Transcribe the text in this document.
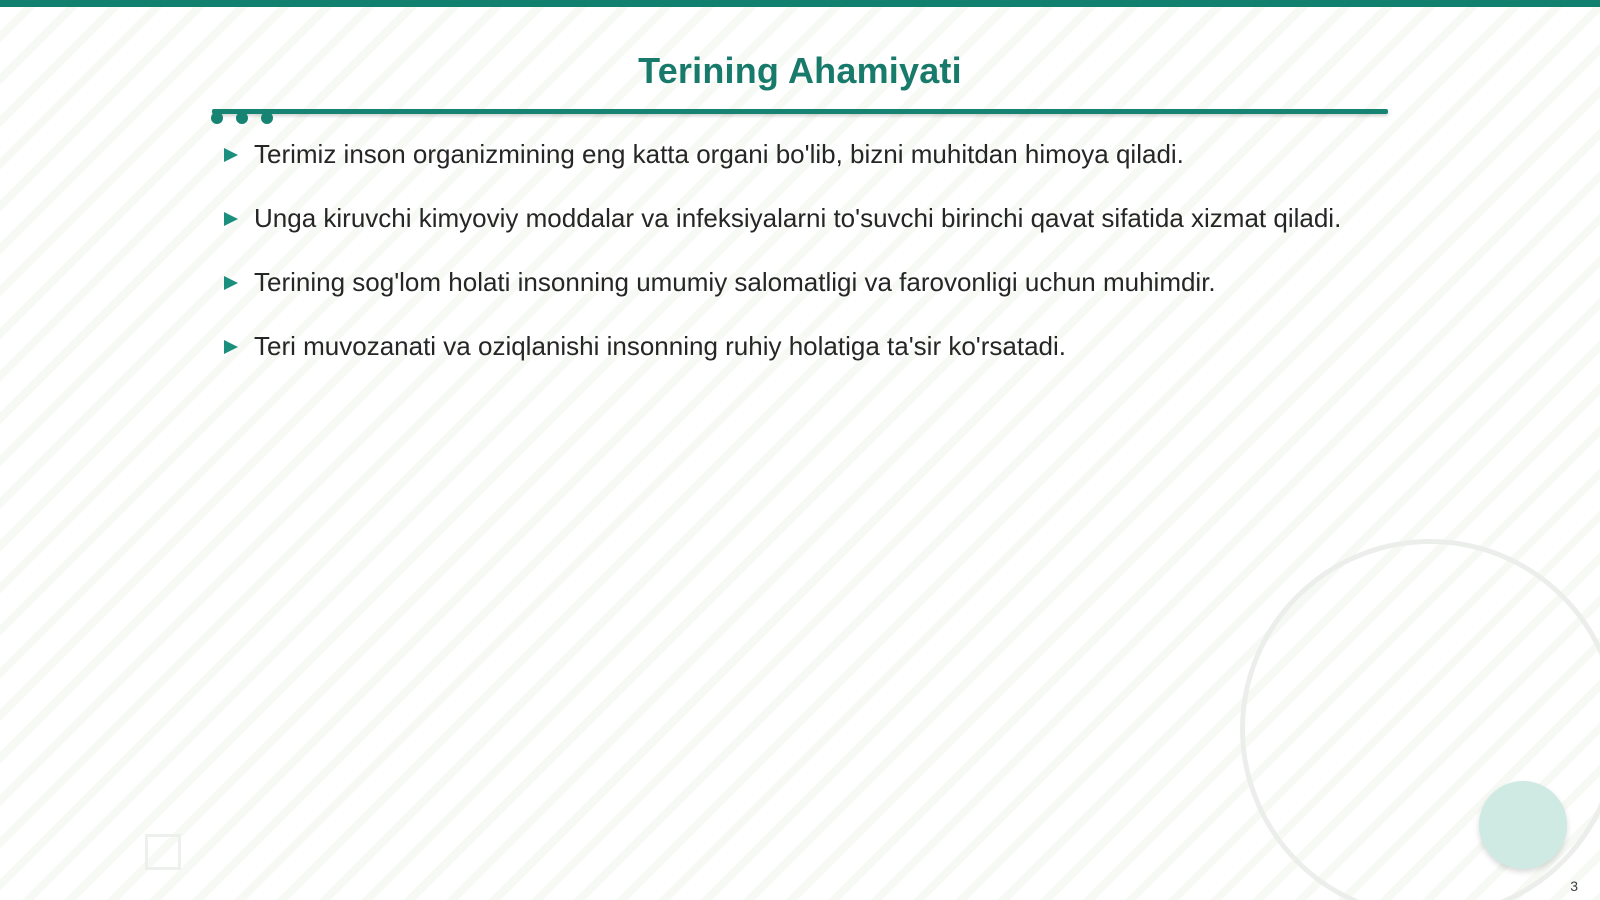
Terining Ahamiyati
Terimiz inson organizmining eng katta organi bo'lib, bizni muhitdan himoya qiladi.
Unga kiruvchi kimyoviy moddalar va infeksiyalarni to'suvchi birinchi qavat sifatida xizmat qiladi.
Terining sog'lom holati insonning umumiy salomatligi va farovonligi uchun muhimdir.
Teri muvozanati va oziqlanishi insonning ruhiy holatiga ta'sir ko'rsatadi.
3
